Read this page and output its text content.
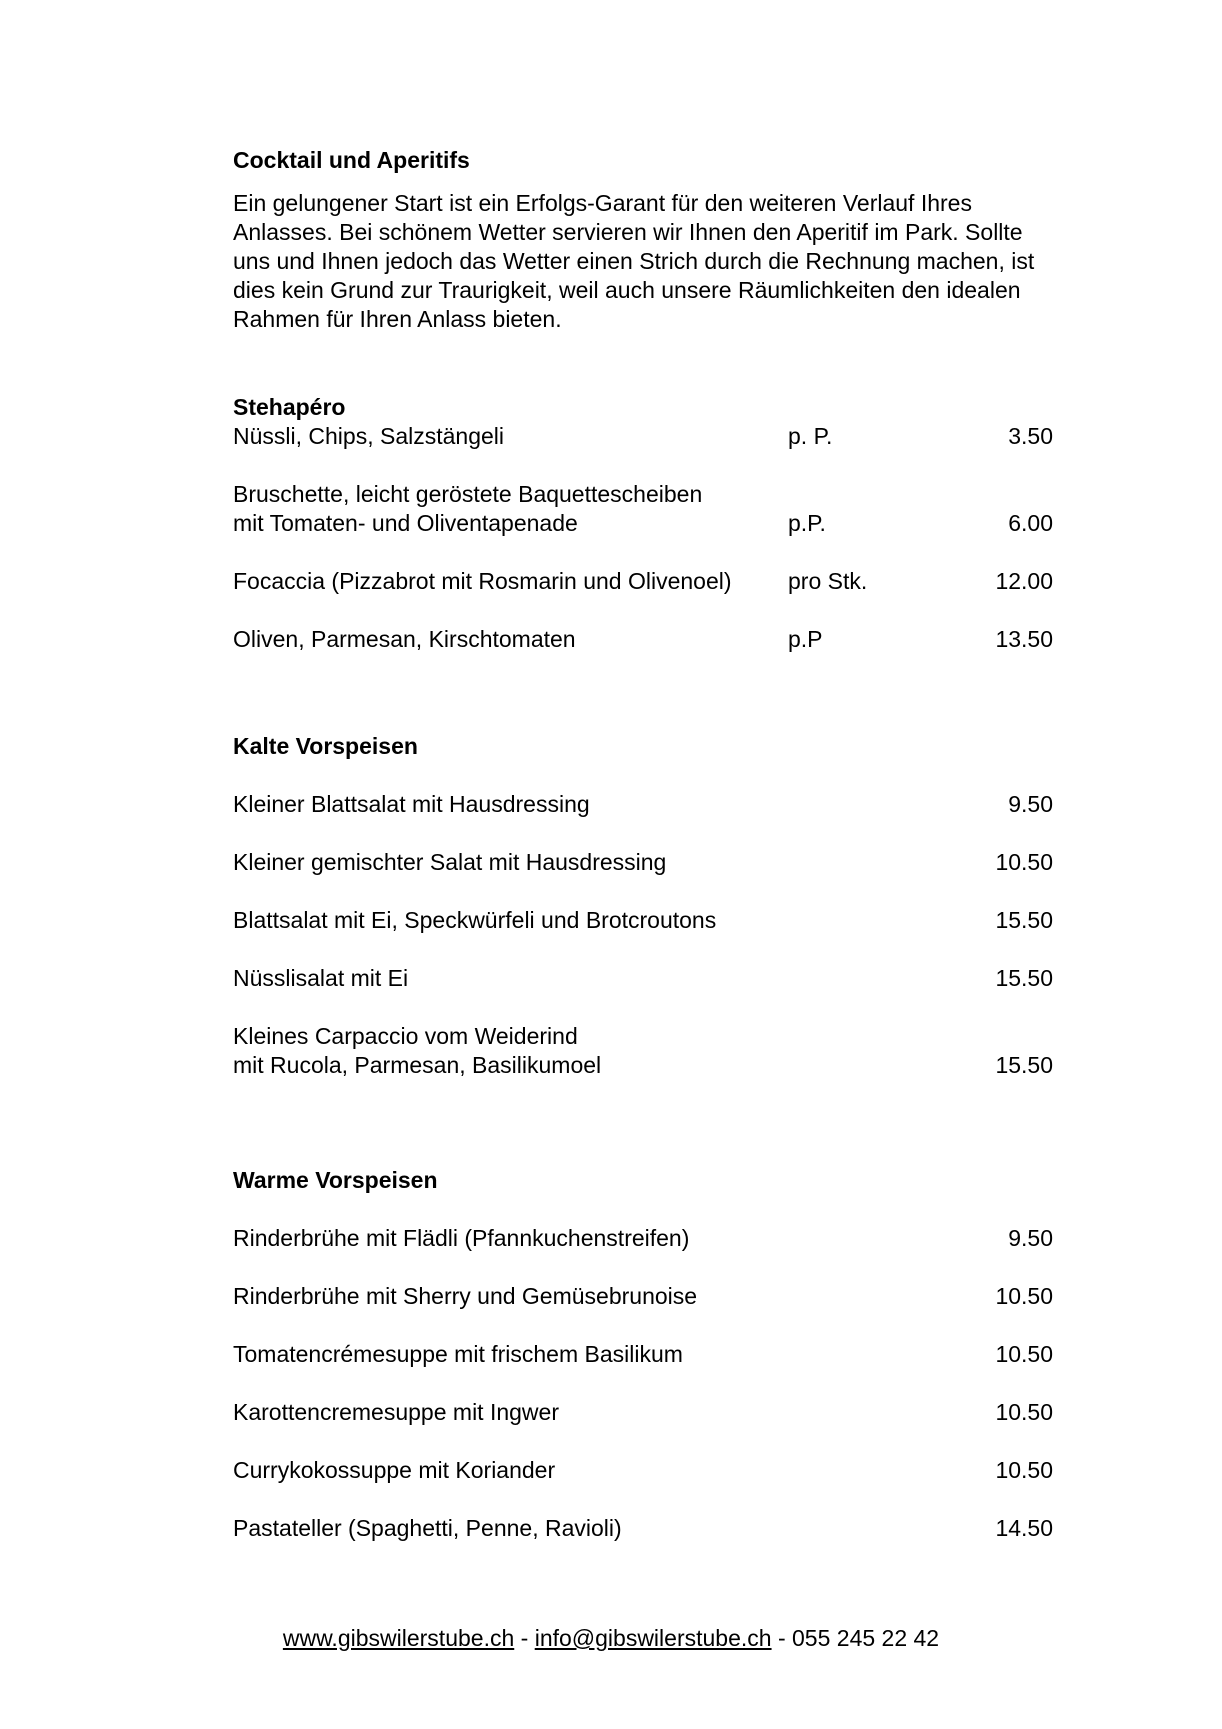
Cocktail und Aperitifs
Ein gelungener Start ist ein Erfolgs-Garant für den weiteren Verlauf Ihres
Anlasses. Bei schönem Wetter servieren wir Ihnen den Aperitif im Park. Sollte
uns und Ihnen jedoch das Wetter einen Strich durch die Rechnung machen, ist
dies kein Grund zur Traurigkeit, weil auch unsere Räumlichkeiten den idealen
Rahmen für Ihren Anlass bieten.
Stehapéro
Nüssli, Chips, Salzstängeli	p. P.	3.50
Bruschette, leicht geröstete Baquettescheiben
mit Tomaten- und Oliventapenade	p.P.	6.00
Focaccia (Pizzabrot mit Rosmarin und Olivenoel)	pro Stk.	12.00
Oliven, Parmesan, Kirschtomaten	p.P	13.50
Kalte Vorspeisen
Kleiner Blattsalat mit Hausdressing	9.50
Kleiner gemischter Salat mit Hausdressing	10.50
Blattsalat mit Ei, Speckwürfeli und Brotcroutons	15.50
Nüsslisalat mit Ei	15.50
Kleines Carpaccio vom Weiderind
mit Rucola, Parmesan, Basilikumoel	15.50
Warme Vorspeisen
Rinderbrühe mit Flädli (Pfannkuchenstreifen)	9.50
Rinderbrühe mit Sherry und Gemüsebrunoise	10.50
Tomatencrémesuppe mit frischem Basilikum	10.50
Karottencremesuppe mit Ingwer	10.50
Currykokossuppe mit Koriander	10.50
Pastateller (Spaghetti, Penne, Ravioli)	14.50
www.gibswilerstube.ch - info@gibswilerstube.ch - 055 245 22 42
